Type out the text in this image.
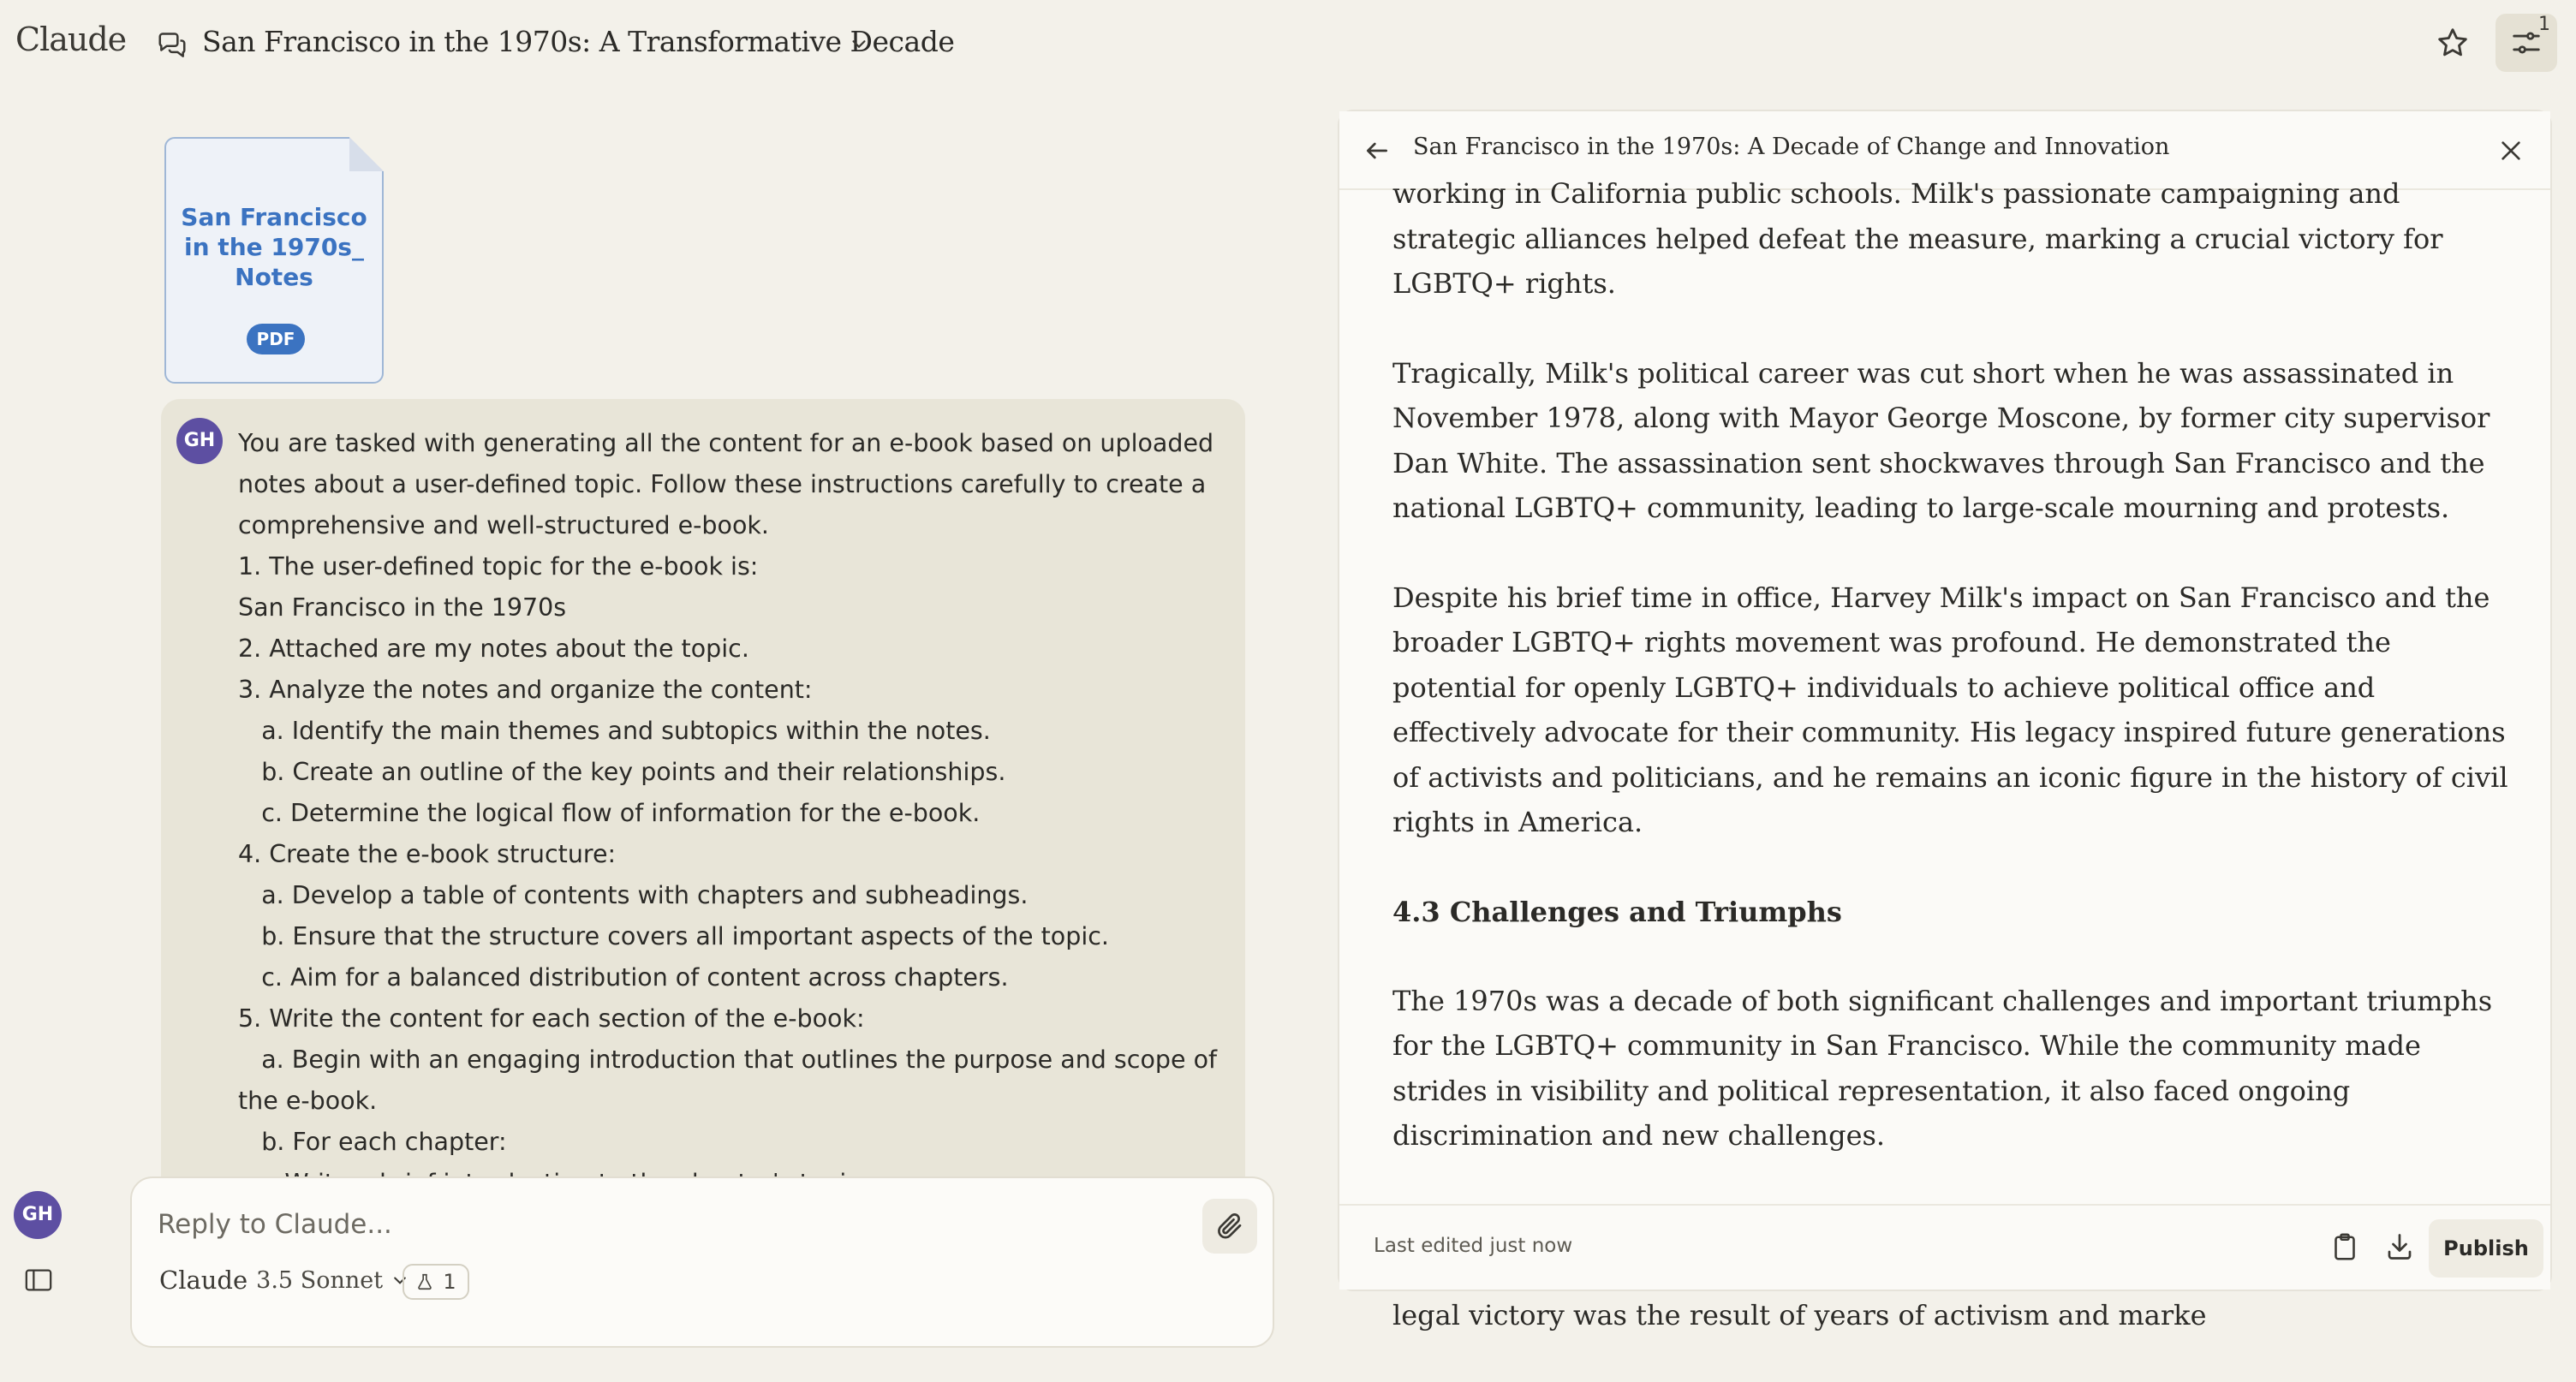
Claude	San Francisco in the 1970s: A Transformative Decade
1
San Francisco in the 1970s_ Notes
PDF
GH You are tasked with generating all the content for an e-book based on uploaded
notes about a user-defined topic. Follow these instructions carefully to create a
comprehensive and well-structured e-book.
1. The user-defined topic for the e-book is:
San Francisco in the 1970s
2. Attached are my notes about the topic.
3. Analyze the notes and organize the content:
a. Identify the main themes and subtopics within the notes.
b. Create an outline of the key points and their relationships.
c. Determine the logical flow of information for the e-book.
4. Create the e-book structure:
a. Develop a table of contents with chapters and subheadings.
b. Ensure that the structure covers all important aspects of the topic.
c. Aim for a balanced distribution of content across chapters.
5. Write the content for each section of the e-book:
a. Begin with an engaging introduction that outlines the purpose and scope of
the e-book.
b. For each chapter:

Reply to Claude...
Claude 3.5 Sonnet	1
GH
San Francisco in the 1970s: A Decade of Change and Innovation

working in California public schools. Milk's passionate campaigning and strategic alliances helped defeat the measure, marking a crucial victory for LGBTQ+ rights.

Tragically, Milk's political career was cut short when he was assassinated in November 1978, along with Mayor George Moscone, by former city supervisor Dan White. The assassination sent shockwaves through San Francisco and the national LGBTQ+ community, leading to large-scale mourning and protests.

Despite his brief time in office, Harvey Milk's impact on San Francisco and the broader LGBTQ+ rights movement was profound. He demonstrated the potential for openly LGBTQ+ individuals to achieve political office and effectively advocate for their community. His legacy inspired future generations of activists and politicians, and he remains an iconic figure in the history of civil rights in America.

4.3 Challenges and Triumphs

The 1970s was a decade of both significant challenges and important triumphs for the LGBTQ+ community in San Francisco. While the community made strides in visibility and political representation, it also faced ongoing discrimination and new challenges.

legal victory was the result of years of activism and marke

Last edited just now	Publish
